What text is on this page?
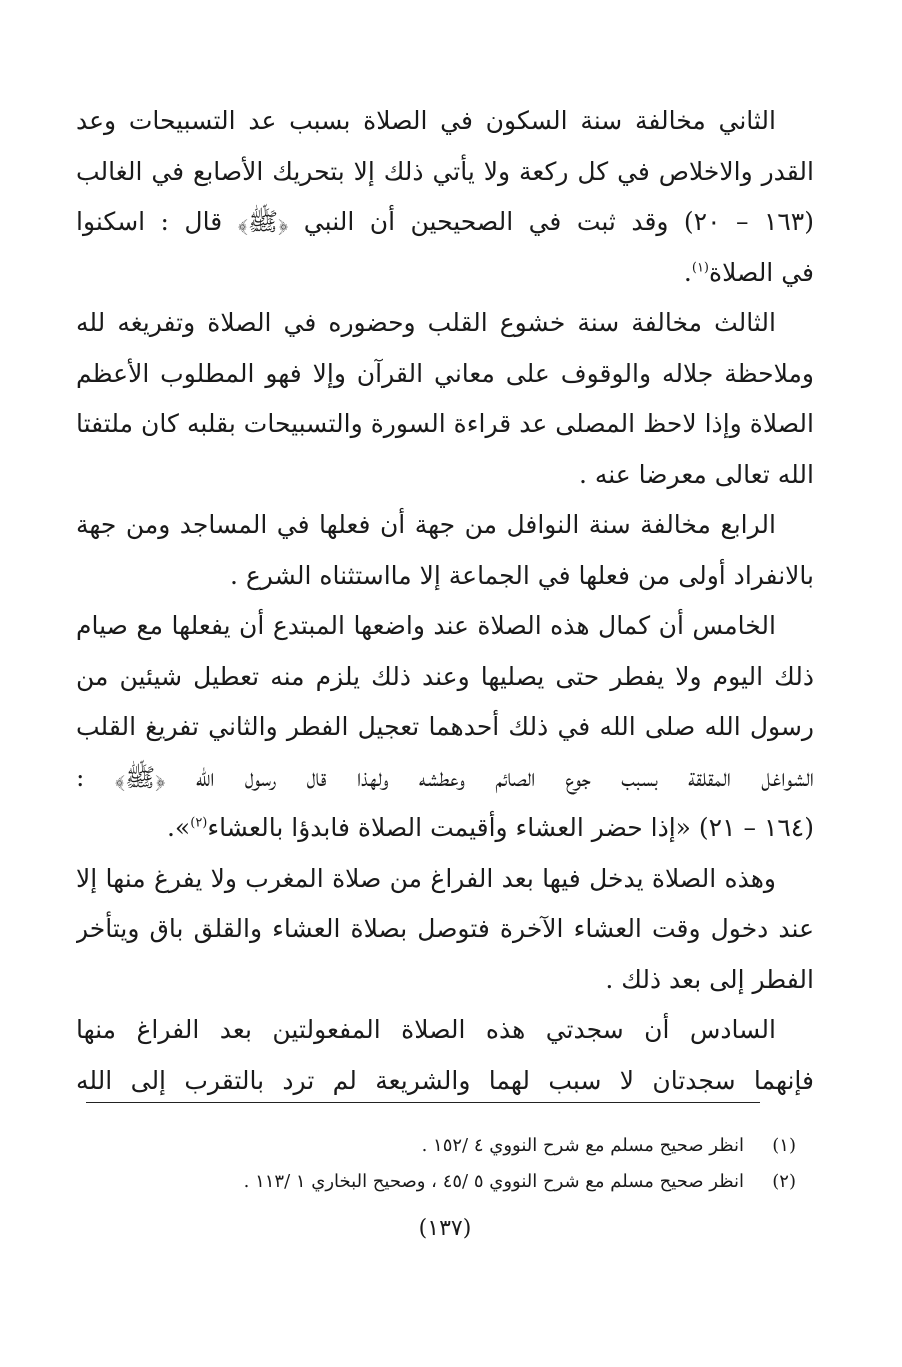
الثاني مخالفة سنة السكون في الصلاة بسبب عد التسبيحات وعد
القدر والاخلاص في كل ركعة ولا يأتي ذلك إلا بتحريك الأصابع في الغالب
(١٦٣ – ٢٠) وقد ثبت في الصحيحين أن النبي ﴿ﷺ﴾ قال : اسكنوا
في الصلاة$^{(١)}$.

الثالث مخالفة سنة خشوع القلب وحضوره في الصلاة وتفريغه لله
وملاحظة جلاله والوقوف على معاني القرآن وإلا فهو المطلوب الأعظم
الصلاة وإذا لاحظ المصلى عد قراءة السورة والتسبيحات بقلبه كان ملتفتا
الله تعالى معرضا عنه .

الرابع مخالفة سنة النوافل من جهة أن فعلها في المساجد ومن جهة
بالانفراد أولى من فعلها في الجماعة إلا مااستثناه الشرع .

الخامس أن كمال هذه الصلاة عند واضعها المبتدع أن يفعلها مع صيام
ذلك اليوم ولا يفطر حتى يصليها وعند ذلك يلزم منه تعطيل شيئين من
رسول الله صلى الله في ذلك أحدهما تعجيل الفطر والثاني تفريغ القلب
الشواغل المقلقة بسبب جوع الصائم وعطشه ولهذا قال رسول الله ﴿ﷺ﴾ :
(١٦٤ – ٢١) «إذا حضر العشاء وأقيمت الصلاة فابدؤا بالعشاء$^{(٢)}$».

وهذه الصلاة يدخل فيها بعد الفراغ من صلاة المغرب ولا يفرغ منها إلا
عند دخول وقت العشاء الآخرة فتوصل بصلاة العشاء والقلق باق ويتأخر
الفطر إلى بعد ذلك .

السادس أن سجدتي هذه الصلاة المفعولتين بعد الفراغ منها
فإنهما سجدتان لا سبب لهما والشريعة لم ترد بالتقرب إلى الله

(١)انظر صحيح مسلم مع شرح النووي ٤ /١٥٢ .
(٢)انظر صحيح مسلم مع شرح النووي ٥ /٤٥ ، وصحيح البخاري ١ /١١٣ .
(١٣٧)
